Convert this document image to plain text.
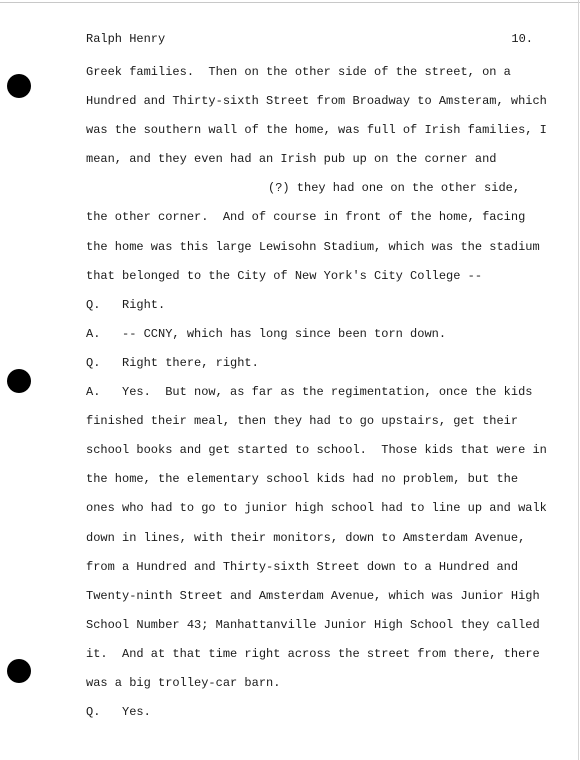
Ralph Henry	10.
Greek families.  Then on the other side of the street, on a
Hundred and Thirty-sixth Street from Broadway to Amsteram, which
was the southern wall of the home, was full of Irish families, I
mean, and they even had an Irish pub up on the corner and
(?) they had one on the other side,
the other corner.  And of course in front of the home, facing
the home was this large Lewisohn Stadium, which was the stadium
that belonged to the City of New York's City College --
Q.   Right.
A.   -- CCNY, which has long since been torn down.
Q.   Right there, right.
A.   Yes.  But now, as far as the regimentation, once the kids
finished their meal, then they had to go upstairs, get their
school books and get started to school.  Those kids that were in
the home, the elementary school kids had no problem, but the
ones who had to go to junior high school had to line up and walk
down in lines, with their monitors, down to Amsterdam Avenue,
from a Hundred and Thirty-sixth Street down to a Hundred and
Twenty-ninth Street and Amsterdam Avenue, which was Junior High
School Number 43; Manhattanville Junior High School they called
it.  And at that time right across the street from there, there
was a big trolley-car barn.
Q.   Yes.
